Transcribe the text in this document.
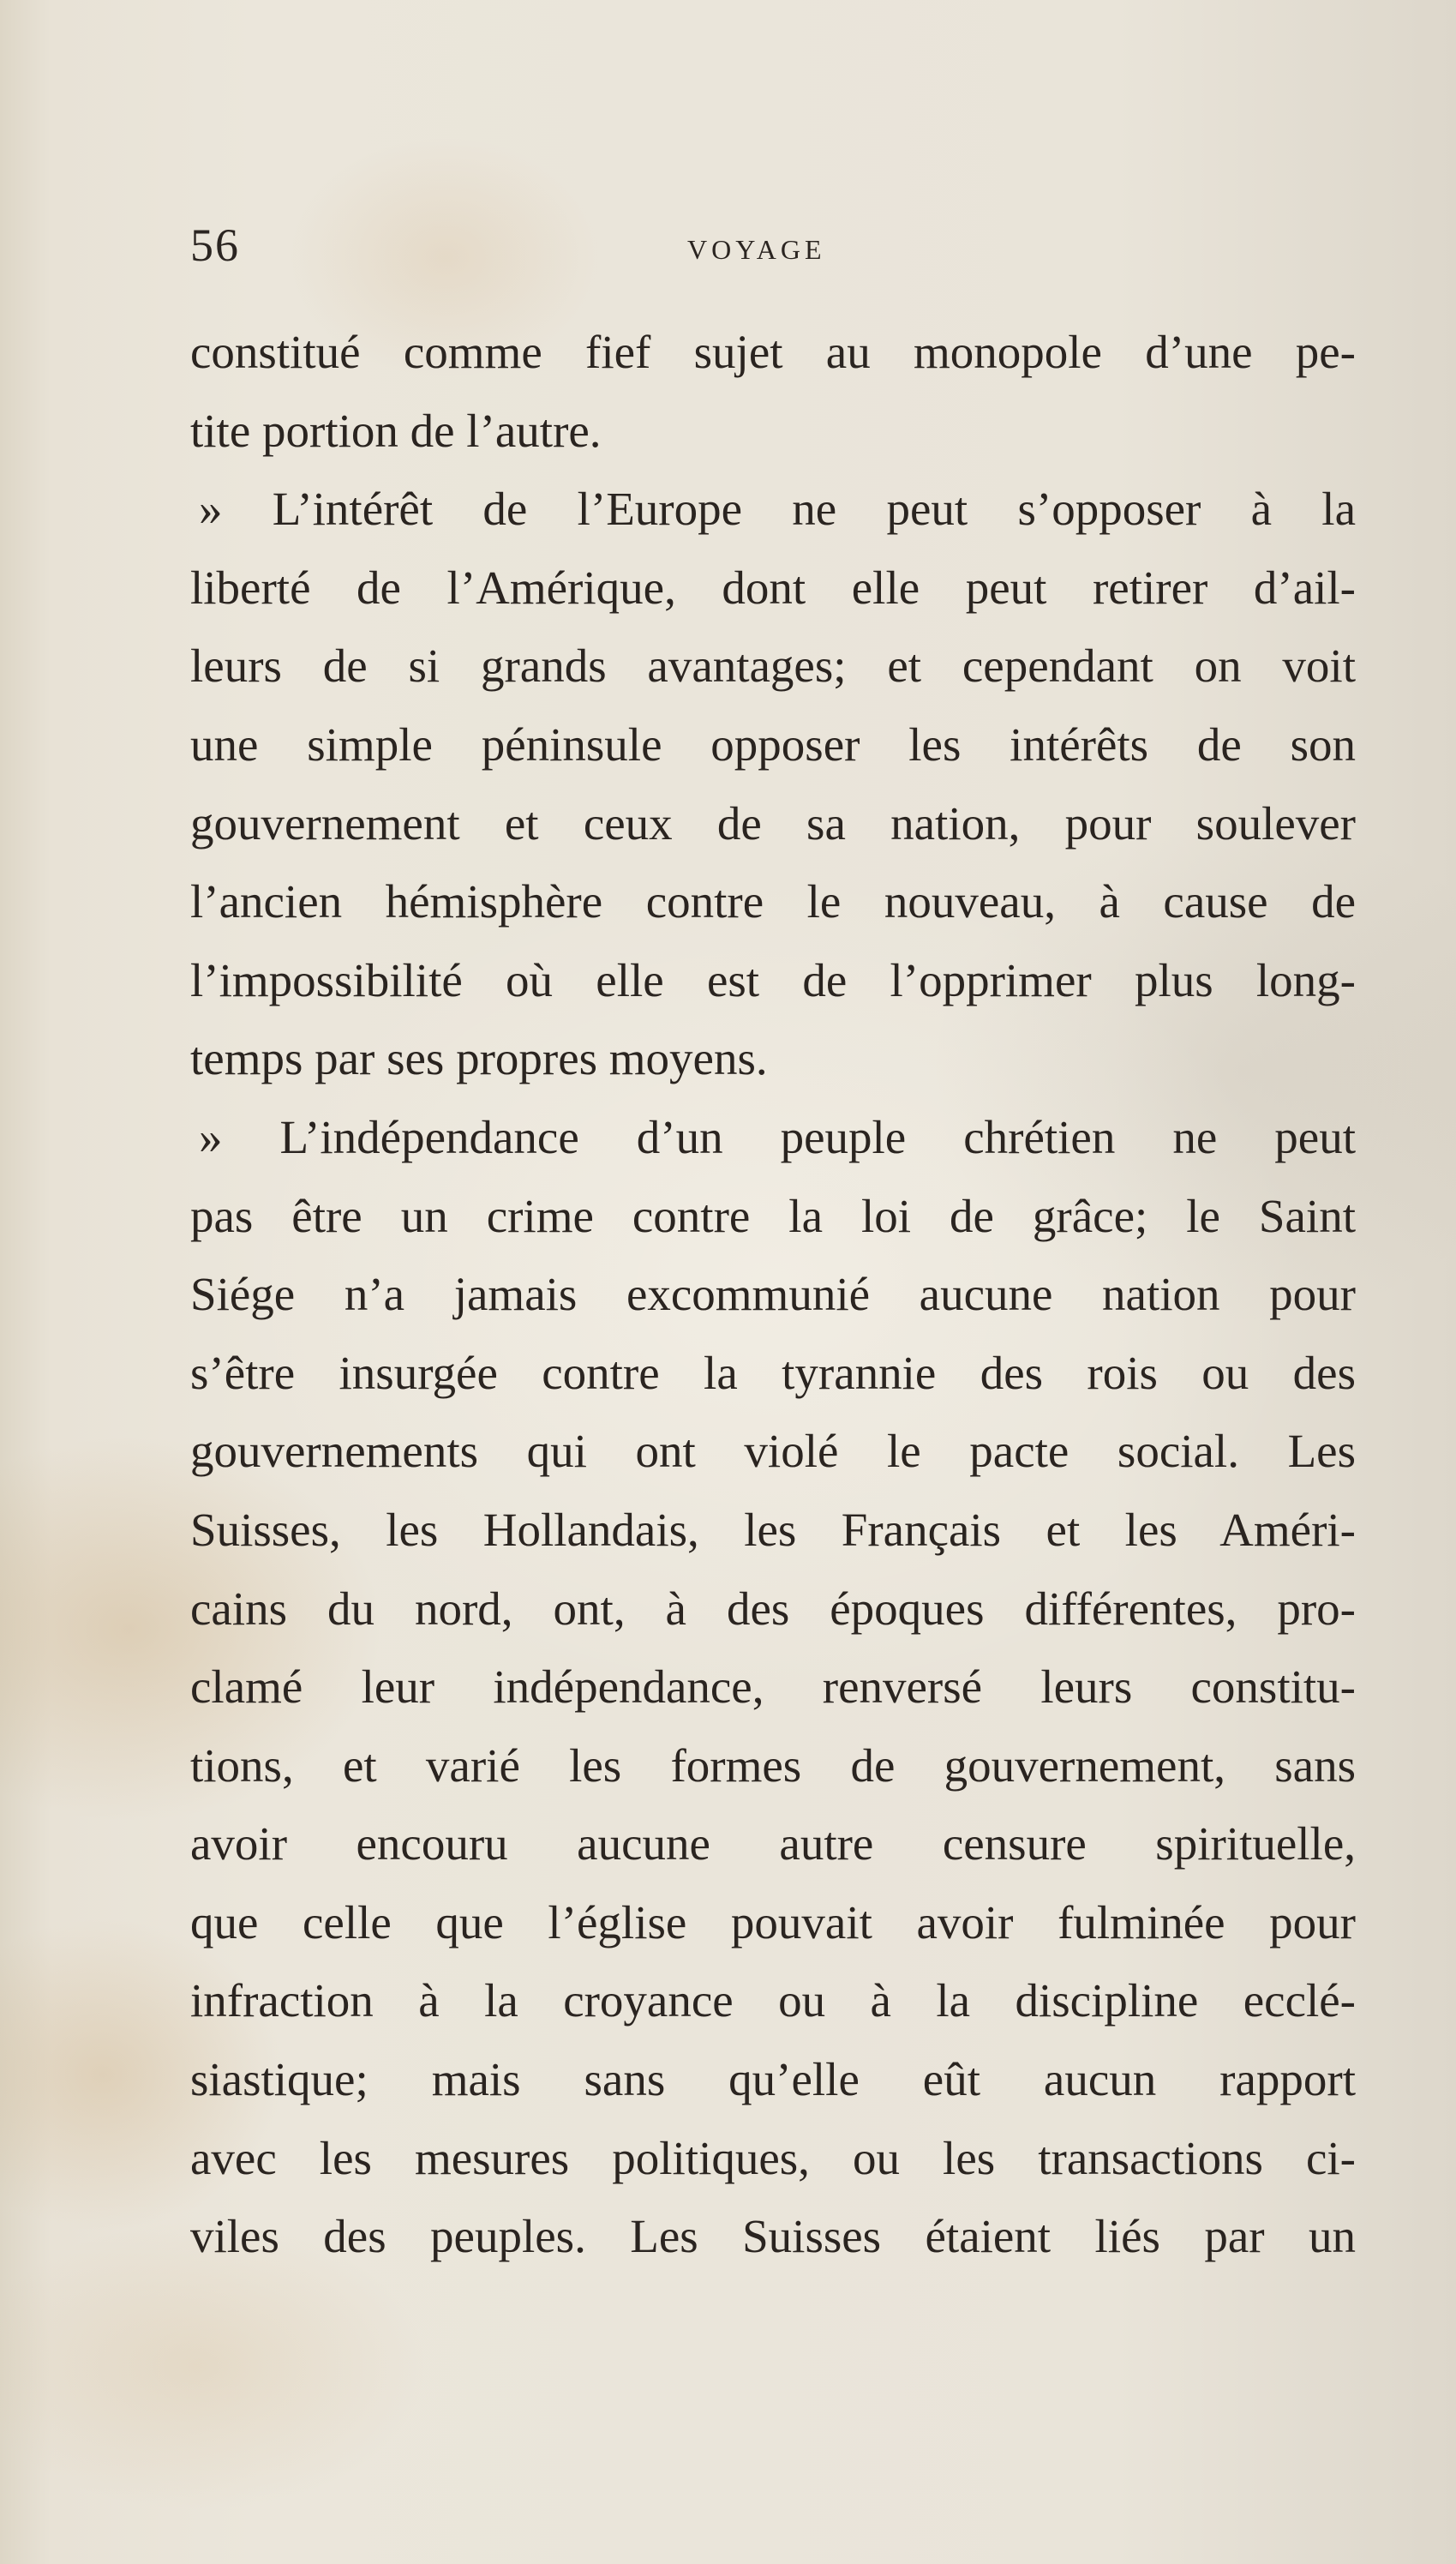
56	VOYAGE
constitué comme fief sujet au monopole d’une pe-
tite portion de l’autre.
» L’intérêt de l’Europe ne peut s’opposer à la
liberté de l’Amérique, dont elle peut retirer d’ail-
leurs de si grands avantages; et cependant on voit
une simple péninsule opposer les intérêts de son
gouvernement et ceux de sa nation, pour soulever
l’ancien hémisphère contre le nouveau, à cause de
l’impossibilité où elle est de l’opprimer plus long-
temps par ses propres moyens.
» L’indépendance d’un peuple chrétien ne peut
pas être un crime contre la loi de grâce; le Saint
Siége n’a jamais excommunié aucune nation pour
s’être insurgée contre la tyrannie des rois ou des
gouvernements qui ont violé le pacte social. Les
Suisses, les Hollandais, les Français et les Améri-
cains du nord, ont, à des époques différentes, pro-
clamé leur indépendance, renversé leurs constitu-
tions, et varié les formes de gouvernement, sans
avoir encouru aucune autre censure spirituelle,
que celle que l’église pouvait avoir fulminée pour
infraction à la croyance ou à la discipline ecclé-
siastique; mais sans qu’elle eût aucun rapport
avec les mesures politiques, ou les transactions ci-
viles des peuples. Les Suisses étaient liés par un
